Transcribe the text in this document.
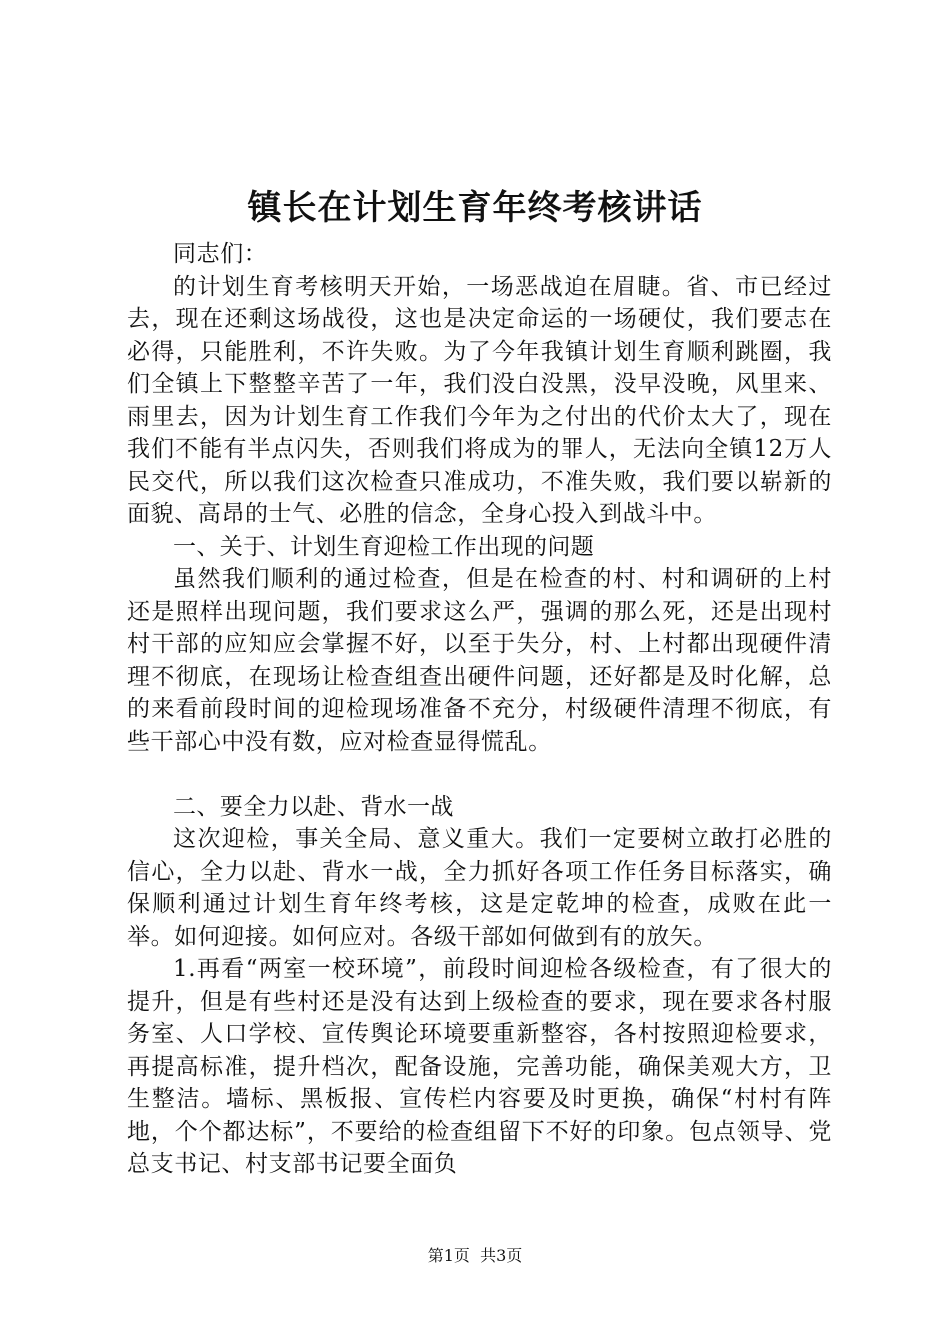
镇长在计划生育年终考核讲话

同志们：

的计划生育考核明天开始，一场恶战迫在眉睫。省、市已经过去，现在还剩这场战役，这也是决定命运的一场硬仗，我们要志在必得，只能胜利，不许失败。为了今年我镇计划生育顺利跳圈，我们全镇上下整整辛苦了一年，我们没白没黑，没早没晚，风里来、雨里去，因为计划生育工作我们今年为之付出的代价太大了，现在我们不能有半点闪失，否则我们将成为的罪人，无法向全镇12万人民交代，所以我们这次检查只准成功，不准失败，我们要以崭新的面貌、高昂的士气、必胜的信念，全身心投入到战斗中。

一、关于、计划生育迎检工作出现的问题

虽然我们顺利的通过检查，但是在检查的村、村和调研的上村还是照样出现问题，我们要求这么严，强调的那么死，还是出现村村干部的应知应会掌握不好，以至于失分，村、上村都出现硬件清理不彻底，在现场让检查组查出硬件问题，还好都是及时化解，总的来看前段时间的迎检现场准备不充分，村级硬件清理不彻底，有些干部心中没有数，应对检查显得慌乱。

二、要全力以赴、背水一战

这次迎检，事关全局、意义重大。我们一定要树立敢打必胜的信心，全力以赴、背水一战，全力抓好各项工作任务目标落实，确保顺利通过计划生育年终考核，这是定乾坤的检查，成败在此一举。如何迎接。如何应对。各级干部如何做到有的放矢。

1.再看“两室一校环境”，前段时间迎检各级检查，有了很大的提升，但是有些村还是没有达到上级检查的要求，现在要求各村服务室、人口学校、宣传舆论环境要重新整容，各村按照迎检要求，再提高标准，提升档次，配备设施，完善功能，确保美观大方，卫生整洁。墙标、黑板报、宣传栏内容要及时更换，确保“村村有阵地，个个都达标”，不要给的检查组留下不好的印象。包点领导、党总支书记、村支部书记要全面负

第1页  共3页
